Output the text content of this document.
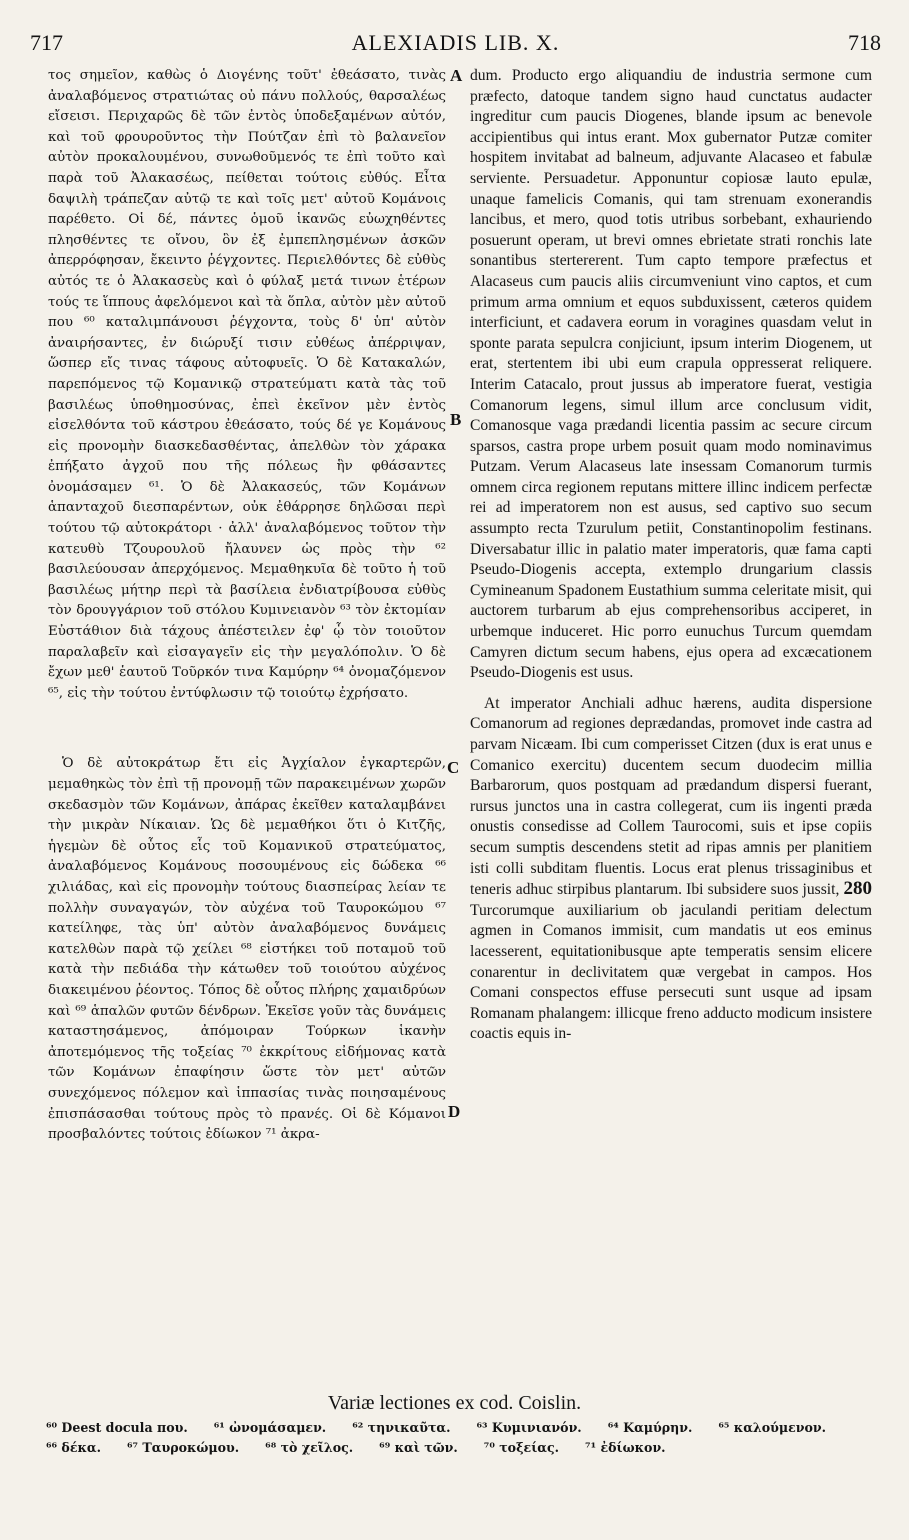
717	ALEXIADIS LIB. X.	718

τος σημεῖον, καθὼς ὁ Διογένης τοῦτ' ἐθεάσατο, τινὰς ἀναλαβόμενος στρατιώτας οὐ πάνυ πολλούς, θαρσαλέως εἴσεισι. Περιχαρῶς δὲ τῶν ἐντὸς ὑποδεξαμένων αὐτόν, καὶ τοῦ φρουροῦντος τὴν Πούτζαν ἐπὶ τὸ βαλανεῖον αὐτὸν προκαλουμένου, συνωθοῦμενός τε ἐπὶ τοῦτο καὶ παρὰ τοῦ Ἀλακασέως, πείθεται τούτοις εὐθύς. Εἶτα δαψιλὴ τράπεζαν αὐτῷ τε καὶ τοῖς μετ' αὐτοῦ Κομάνοις παρέθετο. Οἱ δέ, πάντες ὁμοῦ ἱκανῶς εὐωχηθέντες πλησθέντες τε οἴνου, ὃν ἐξ ἐμπεπλησμένων ἀσκῶν ἀπερρόφησαν, ἔκειντο ῥέγχοντες. Περιελθόντες δὲ εὐθὺς αὐτός τε ὁ Ἀλακασεὺς καὶ ὁ φύλαξ μετά τινων ἑτέρων τούς τε ἵππους ἀφελόμενοι καὶ τὰ ὅπλα, αὐτὸν μὲν αὐτοῦ που ⁶⁰ καταλιμπάνουσι ῥέγχοντα, τοὺς δ' ὑπ' αὐτὸν ἀναιρήσαντες, ἐν διώρυξί τισιν εὐθέως ἀπέρριψαν, ὥσπερ εἴς τινας τάφους αὐτοφυεῖς. Ὁ δὲ Κατακαλών, παρεπόμενος τῷ Κομανικῷ στρατεύματι κατὰ τὰς τοῦ βασιλέως ὑποθημοσύνας, ἐπεὶ ἐκεῖνον μὲν ἐντὸς εἰσελθόντα τοῦ κάστρου ἐθεάσατο, τούς δέ γε Κομάνους εἰς προνομὴν διασκεδασθέντας, ἀπελθὼν τὸν χάρακα ἐπήξατο ἀγχοῦ που τῆς πόλεως ἣν φθάσαντες ὀνομάσαμεν ⁶¹. Ὁ δὲ Ἀλακασεύς, τῶν Κομάνων ἁπανταχοῦ διεσπαρέντων, οὐκ ἐθάρρησε δηλῶσαι περὶ τούτου τῷ αὐτοκράτορι · ἀλλ' ἀναλαβόμενος τοῦτον τὴν κατευθὺ Τζουρουλοῦ ἤλαυνεν ὡς πρὸς τὴν ⁶² βασιλεύουσαν ἀπερχόμενος. Μεμαθηκυῖα δὲ τοῦτο ἡ τοῦ βασιλέως μήτηρ περὶ τὰ βασίλεια ἐνδιατρίβουσα εὐθὺς τὸν δρουγγάριον τοῦ στόλου Κυμινειανὸν ⁶³ τὸν ἐκτομίαν Εὐστάθιον διὰ τάχους ἀπέστειλεν ἐφ' ᾧ τὸν τοιοῦτον παραλαβεῖν καὶ εἰσαγαγεῖν εἰς τὴν μεγαλόπολιν. Ὁ δὲ ἔχων μεθ' ἑαυτοῦ Τοῦρκόν τινα Καμύρην ⁶⁴ ὀνομαζόμενον ⁶⁵, εἰς τὴν τούτου ἐντύφλωσιν τῷ τοιούτῳ ἐχρήσατο.

Ὁ δὲ αὐτοκράτωρ ἔτι εἰς Ἀγχίαλον ἐγκαρτερῶν, μεμαθηκὼς τὸν ἐπὶ τῇ προνομῇ τῶν παρακειμένων χωρῶν σκεδασμὸν τῶν Κομάνων, ἀπάρας ἐκεῖθεν καταλαμβάνει τὴν μικρὰν Νίκαιαν. Ὡς δὲ μεμαθήκοι ὅτι ὁ Κιτζῆς, ἡγεμὼν δὲ οὗτος εἷς τοῦ Κομανικοῦ στρατεύματος, ἀναλαβόμενος Κομάνους ποσουμένους εἰς δώδεκα ⁶⁶ χιλιάδας, καὶ εἰς προνομὴν τούτους διασπείρας λείαν τε πολλὴν συναγαγών, τὸν αὐχένα τοῦ Ταυροκώμου ⁶⁷ κατείληφε, τὰς ὑπ' αὐτὸν ἀναλαβόμενος δυνάμεις κατελθὼν παρὰ τῷ χείλει ⁶⁸ εἱστήκει τοῦ ποταμοῦ τοῦ κατὰ τὴν πεδιάδα τὴν κάτωθεν τοῦ τοιούτου αὐχένος διακειμένου ῥέοντος. Τόπος δὲ οὗτος πλήρης χαμαιδρύων καὶ ⁶⁹ ἁπαλῶν φυτῶν δένδρων. Ἐκεῖσε γοῦν τὰς δυνάμεις καταστησάμενος, ἀπόμοιραν Τούρκων ἱκανὴν ἀποτεμόμενος τῆς τοξείας ⁷⁰ ἐκκρίτους εἰδήμονας κατὰ τῶν Κομάνων ἐπαφίησιν ὥστε τὸν μετ' αὐτῶν συνεχόμενος πόλεμον καὶ ἱππασίας τινὰς ποιησαμένους ἐπισπάσασθαι τούτους πρὸς τὸ πρανές. Οἱ δὲ Κόμανοι προσβαλόντες τούτοις ἐδίωκον ⁷¹ ἀκρα-

A
B
C
D

dum. Producto ergo aliquandiu de industria sermone cum præfecto, datoque tandem signo haud cunctatus audacter ingreditur cum paucis Diogenes, blande ipsum ac benevole accipientibus qui intus erant. Mox gubernator Putzæ comiter hospitem invitabat ad balneum, adjuvante Alacaseo et fabulæ serviente. Persuadetur. Apponuntur copiosæ lauto epulæ, unaque famelicis Comanis, qui tam strenuam exonerandis lancibus, et mero, quod totis utribus sorbebant, exhauriendo posuerunt operam, ut brevi omnes ebrietate strati ronchis late sonantibus stertererent. Tum capto tempore præfectus et Alacaseus cum paucis aliis circumveniunt vino captos, et cum primum arma omnium et equos subduxissent, cæteros quidem interficiunt, et cadavera eorum in voragines quasdam velut in sponte parata sepulcra conjiciunt, ipsum interim Diogenem, ut erat, stertentem ibi ubi eum crapula oppresserat reliquere. Interim Catacalo, prout jussus ab imperatore fuerat, vestigia Comanorum legens, simul illum arce conclusum vidit, Comanosque vaga prædandi licentia passim ac secure circum sparsos, castra prope urbem posuit quam modo nominavimus Putzam. Verum Alacaseus late insessam Comanorum turmis omnem circa regionem reputans mittere illinc indicem perfectæ rei ad imperatorem non est ausus, sed captivo suo secum assumpto recta Tzurulum petiit, Constantinopolim festinans. Diversabatur illic in palatio mater imperatoris, quæ fama capti Pseudo-Diogenis accepta, extemplo drungarium classis Cymineanum Spadonem Eustathium summa celeritate misit, qui auctorem turbarum ab ejus comprehensoribus acciperet, in urbemque induceret. Hic porro eunuchus Turcum quemdam Camyren dictum secum habens, ejus opera ad excæcationem Pseudo-Diogenis est usus.

At imperator Anchiali adhuc hærens, audita dispersione Comanorum ad regiones deprædandas, promovet inde castra ad parvam Nicæam. Ibi cum comperisset Citzen (dux is erat unus e Comanico exercitu) ducentem secum duodecim millia Barbarorum, quos postquam ad prædandum dispersi fuerant, rursus junctos una in castra collegerat, cum iis ingenti præda onustis consedisse ad Collem Taurocomi, suis et ipse copiis secum sumptis descendens stetit ad ripas amnis per planitiem isti colli subditam fluentis. Locus erat plenus trissaginibus et teneris adhuc stirpibus plantarum. Ibi subsidere suos jussit, 280 Turcorumque auxiliarium ob jaculandi peritiam delectum agmen in Comanos immisit, cum mandatis ut eos eminus lacesserent, equitationibusque apte temperatis sensim elicere conarentur in declivitatem quæ vergebat in campos. Hos Comani conspectos effuse persecuti sunt usque ad ipsam Romanam phalangem: illicque freno adducto modicum insistere coactis equis in-

Variæ lectiones ex cod. Coislin.
⁶⁰ Deest docula που. ⁶¹ ὠνομάσαμεν. ⁶² τηνικαῦτα. ⁶³ Κυμινιανόν. ⁶⁴ Καμύρην. ⁶⁵ καλούμενον.
⁶⁶ δέκα. ⁶⁷ Ταυροκώμου. ⁶⁸ τὸ χεῖλος. ⁶⁹ καὶ τῶν. ⁷⁰ τοξείας. ⁷¹ ἐδίωκον.
